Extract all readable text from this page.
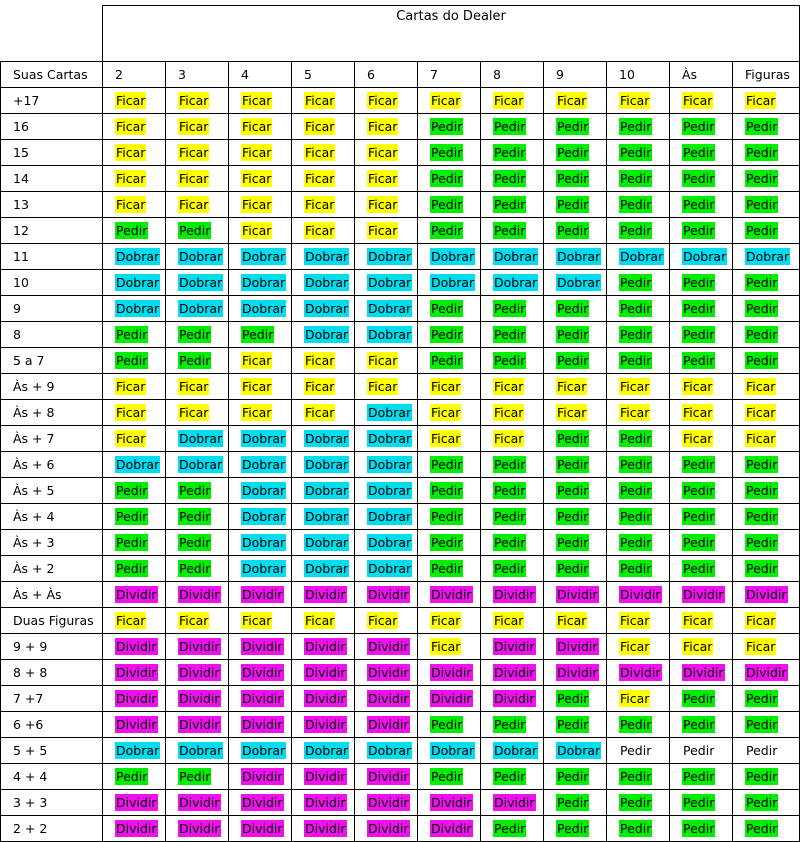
	Cartas do Dealer										
Suas Cartas	2	3	4	5	6	7	8	9	10	Às	Figuras
+17	Ficar	Ficar	Ficar	Ficar	Ficar	Ficar	Ficar	Ficar	Ficar	Ficar	Ficar
16	Ficar	Ficar	Ficar	Ficar	Ficar	Pedir	Pedir	Pedir	Pedir	Pedir	Pedir
15	Ficar	Ficar	Ficar	Ficar	Ficar	Pedir	Pedir	Pedir	Pedir	Pedir	Pedir
14	Ficar	Ficar	Ficar	Ficar	Ficar	Pedir	Pedir	Pedir	Pedir	Pedir	Pedir
13	Ficar	Ficar	Ficar	Ficar	Ficar	Pedir	Pedir	Pedir	Pedir	Pedir	Pedir
12	Pedir	Pedir	Ficar	Ficar	Ficar	Pedir	Pedir	Pedir	Pedir	Pedir	Pedir
11	Dobrar	Dobrar	Dobrar	Dobrar	Dobrar	Dobrar	Dobrar	Dobrar	Dobrar	Dobrar	Dobrar
10	Dobrar	Dobrar	Dobrar	Dobrar	Dobrar	Dobrar	Dobrar	Dobrar	Pedir	Pedir	Pedir
9	Dobrar	Dobrar	Dobrar	Dobrar	Dobrar	Pedir	Pedir	Pedir	Pedir	Pedir	Pedir
8	Pedir	Pedir	Pedir	Dobrar	Dobrar	Pedir	Pedir	Pedir	Pedir	Pedir	Pedir
5 a 7	Pedir	Pedir	Ficar	Ficar	Ficar	Pedir	Pedir	Pedir	Pedir	Pedir	Pedir
Às + 9	Ficar	Ficar	Ficar	Ficar	Ficar	Ficar	Ficar	Ficar	Ficar	Ficar	Ficar
Às + 8	Ficar	Ficar	Ficar	Ficar	Dobrar	Ficar	Ficar	Ficar	Ficar	Ficar	Ficar
Às + 7	Ficar	Dobrar	Dobrar	Dobrar	Dobrar	Ficar	Ficar	Pedir	Pedir	Ficar	Ficar
Às + 6	Dobrar	Dobrar	Dobrar	Dobrar	Dobrar	Pedir	Pedir	Pedir	Pedir	Pedir	Pedir
Às + 5	Pedir	Pedir	Dobrar	Dobrar	Dobrar	Pedir	Pedir	Pedir	Pedir	Pedir	Pedir
Às + 4	Pedir	Pedir	Dobrar	Dobrar	Dobrar	Pedir	Pedir	Pedir	Pedir	Pedir	Pedir
Às + 3	Pedir	Pedir	Dobrar	Dobrar	Dobrar	Pedir	Pedir	Pedir	Pedir	Pedir	Pedir
Às + 2	Pedir	Pedir	Dobrar	Dobrar	Dobrar	Pedir	Pedir	Pedir	Pedir	Pedir	Pedir
Às + Às	Dividir	Dividir	Dividir	Dividir	Dividir	Dividir	Dividir	Dividir	Dividir	Dividir	Dividir
Duas Figuras	Ficar	Ficar	Ficar	Ficar	Ficar	Ficar	Ficar	Ficar	Ficar	Ficar	Ficar
9 + 9	Dividir	Dividir	Dividir	Dividir	Dividir	Ficar	Dividir	Dividir	Ficar	Ficar	Ficar
8 + 8	Dividir	Dividir	Dividir	Dividir	Dividir	Dividir	Dividir	Dividir	Dividir	Dividir	Dividir
7 +7	Dividir	Dividir	Dividir	Dividir	Dividir	Dividir	Dividir	Pedir	Ficar	Pedir	Pedir
6 +6	Dividir	Dividir	Dividir	Dividir	Dividir	Pedir	Pedir	Pedir	Pedir	Pedir	Pedir
5 + 5	Dobrar	Dobrar	Dobrar	Dobrar	Dobrar	Dobrar	Dobrar	Dobrar	Pedir	Pedir	Pedir
4 + 4	Pedir	Pedir	Dividir	Dividir	Dividir	Pedir	Pedir	Pedir	Pedir	Pedir	Pedir
3 + 3	Dividir	Dividir	Dividir	Dividir	Dividir	Dividir	Dividir	Pedir	Pedir	Pedir	Pedir
2 + 2	Dividir	Dividir	Dividir	Dividir	Dividir	Dividir	Pedir	Pedir	Pedir	Pedir	Pedir
